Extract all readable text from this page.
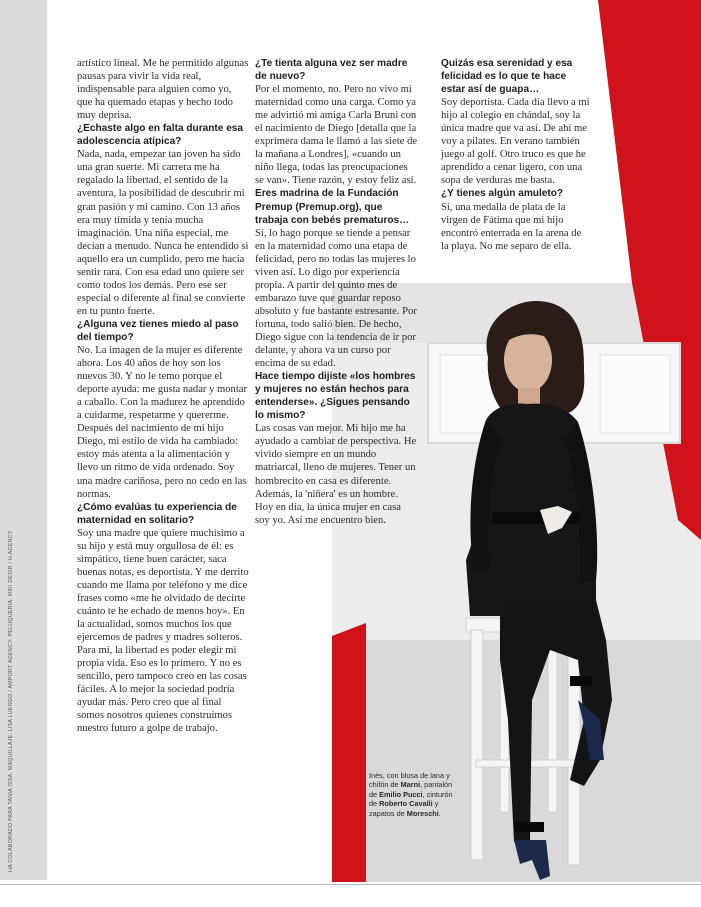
HA COLABORADO PARA TANIA ISSA. MAQUILLAJE: LISA LUENGO / AMPORT AGENCY. PELUQUERÍA: MIKI DESIR / H.AGENCY.

artístico lineal. Me he permitido algunas pausas para vivir la vida real, indispensable para alguien como yo, que ha quemado etapas y hecho todo muy deprisa.

¿Echaste algo en falta durante esa adolescencia atípica?

Nada, nada, empezar tan joven ha sido una gran suerte. Mi carrera me ha regalado la libertad, el sentido de la aventura, la posibilidad de descubrir mi gran pasión y mi camino. Con 13 años era muy tímida y tenía mucha imaginación. Una niña especial, me decían a menudo. Nunca he entendido si aquello era un cumplido, pero me hacía sentir rara. Con esa edad uno quiere ser como todos los demás. Pero ese ser especial o diferente al final se convierte en tu punto fuerte.

¿Alguna vez tienes miedo al paso del tiempo?

No. La imagen de la mujer es diferente ahora. Los 40 años de hoy son los nuevos 30. Y no le temo porque el deporte ayuda: me gusta nadar y montar a caballo. Con la madurez he aprendido a cuidarme, respetarme y quererme. Después del nacimiento de mi hijo Diego, mi estilo de vida ha cambiado: estoy más atenta a la alimentación y llevo un ritmo de vida ordenado. Soy una madre cariñosa, pero no cedo en las normas.

¿Cómo evalúas tu experiencia de maternidad en solitario?

Soy una madre que quiere muchísimo a su hijo y está muy orgullosa de él: es simpático, tiene buen carácter, saca buenas notas, es deportista. Y me derrito cuando me llama por teléfono y me dice frases como «me he olvidado de decirte cuánto te he echado de menos hoy». En la actualidad, somos muchos los que ejercemos de padres y madres solteros. Para mí, la libertad es poder elegir mi propia vida. Eso es lo primero. Y no es sencillo, pero tampoco creo en las cosas fáciles. A lo mejor la sociedad podría ayudar más. Pero creo que al final somos nosotros quienes construimos nuestro futuro a golpe de trabajo.

¿Te tienta alguna vez ser madre de nuevo?

Por el momento, no. Pero no vivo mi maternidad como una carga. Como ya me advirtió mi amiga Carla Bruni con el nacimiento de Diego [detalla que la exprimera dama le llamó a las siete de la mañana a Londres], «cuando un niño llega, todas las preocupaciones se van». Tiene razón, y estoy feliz así.

Eres madrina de la Fundación Premup (Premup.org), que trabaja con bebés prematuros…

Sí, lo hago porque se tiende a pensar en la maternidad como una etapa de felicidad, pero no todas las mujeres lo viven así. Lo digo por experiencia propia. A partir del quinto mes de embarazo tuve que guardar reposo absoluto y fue bastante estresante. Por fortuna, todo salió bien. De hecho, Diego sigue con la tendencia de ir por delante, y ahora va un curso por encima de su edad.

Hace tiempo dijiste «los hombres y mujeres no están hechos para entenderse». ¿Sigues pensando lo mismo?

Las cosas van mejor. Mi hijo me ha ayudado a cambiar de perspectiva. He vivido siempre en un mundo matriarcal, lleno de mujeres. Tener un hombrecito en casa es diferente. Además, la 'niñera' es un hombre. Hoy en día, la única mujer en casa soy yo. Así me encuentro bien.

Quizás esa serenidad y esa felicidad es lo que te hace estar así de guapa…

Soy deportista. Cada día llevo a mi hijo al colegio en chándal, soy la única madre que va así. De ahí me voy a pilates. En verano también juego al golf. Otro truco es que he aprendido a cenar ligero, con una sopa de verduras me basta.

¿Y tienes algún amuleto?

Sí, una medalla de plata de la virgen de Fátima que mi hijo encontró enterrada en la arena de la playa. No me separo de ella.

Inés, con blusa de lana y chifón de Marni, pantalón de Emilio Pucci, cinturón de Roberto Cavalli y zapatos de Moreschi.
